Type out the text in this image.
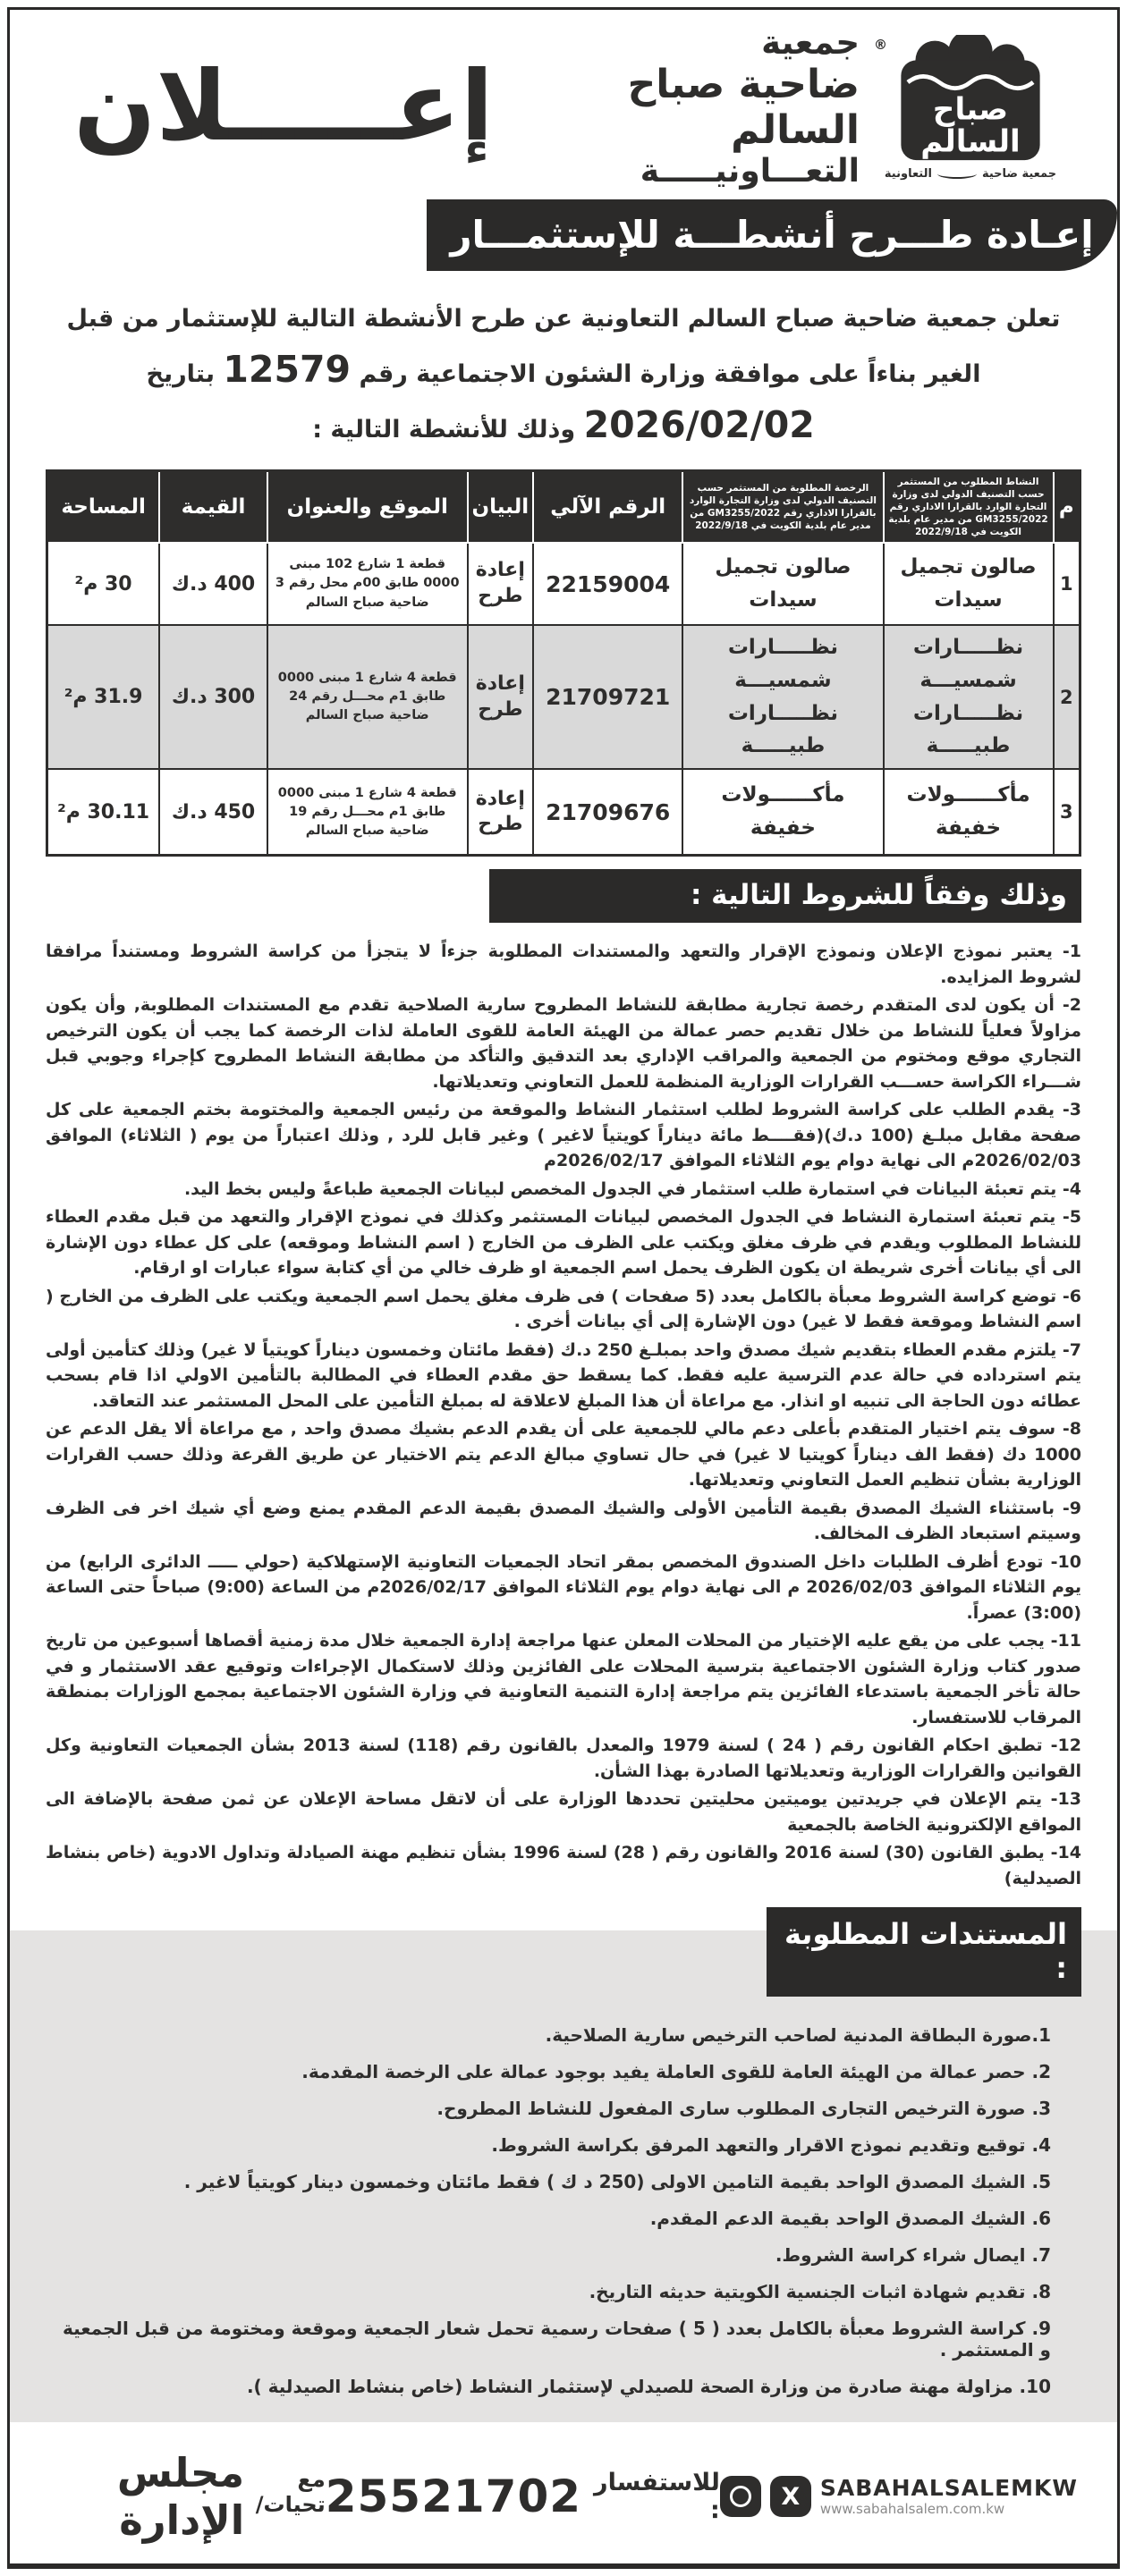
®
صباح
السالم
جمعية ضاحية
التعاونية
جمعية
ضاحية صباح السالم
التعـــاونيـــــة
إعـــــلان
إعـادة طـــرح أنشطـــة للإستثمـــار

تعلن جمعية ضاحية صباح السالم التعاونية عن طرح الأنشطة التالية للإستثمار من قبل الغير بناءاً على موافقة وزارة الشئون الاجتماعية رقم 12579 بتاريخ 2026/02/02 وذلك للأنشطة التالية :

م	النشاط المطلوب من المستثمر حسب التصنيف الدولي لدى وزارة التجارة الوارد بالقرارا الاداري رقم GM3255/2022 من مدير عام بلدية الكويت في 2022/9/18	الرخصة المطلوبة من المستثمر حسب التصنيف الدولي لدى وزارة التجارة الوارد بالقرارا الاداري رقم GM3255/2022 من مدير عام بلدية الكويت في 2022/9/18	الرقم الآلي	البيان	الموقع والعنوان	القيمة	المساحة
1	صالون تجميل سيدات	صالون تجميل سيدات	22159004	إعادة طرح	قطعة 1 شارع 102 مبنى 0000 طابق 00م محل رقم 3 ضاحية صباح السالم	400 د.ك	30 م²
2	نظـــــارات شمسيـــة نظـــــارات طبيـــــة	نظـــــارات شمسيـــة نظـــــارات طبيـــــة	21709721	إعادة طرح	قطعة 4 شارع 1 مبنى 0000 طابق 1م محـــل رقم 24 ضاحية صباح السالم	300 د.ك	31.9 م²
3	مأكــــــولات خفيفة	مأكــــــولات خفيفة	21709676	إعادة طرح	قطعة 4 شارع 1 مبنى 0000 طابق 1م محـــل رقم 19 ضاحية صباح السالم	450 د.ك	30.11 م²
وذلك وفقاً للشروط التالية :
1- يعتبر نموذج الإعلان ونموذج الإقرار والتعهد والمستندات المطلوبة جزءاً لا يتجزأ من كراسة الشروط ومستنداً مرافقا لشروط المزايده.
2- أن يكون لدى المتقدم رخصة تجارية مطابقة للنشاط المطروح سارية الصلاحية تقدم مع المستندات المطلوبة, وأن يكون مزاولاً فعلياً للنشاط من خلال تقديم حصر عمالة من الهيئة العامة للقوى العاملة لذات الرخصة كما يجب أن يكون الترخيص التجاري موقع ومختوم من الجمعية والمراقب الإداري بعد التدقيق والتأكد من مطابقة النشاط المطروح كإجراء وجوبي قبل شـــراء الكراسة حســـب القرارات الوزارية المنظمة للعمل التعاوني وتعديلاتها.
3- يقدم الطلب على كراسة الشروط لطلب استثمار النشاط والموقعة من رئيس الجمعية والمختومة بختم الجمعية على كل صفحة مقابل مبلـغ (100 د.ك)(فقــــط مائة ديناراً كويتياً لاغير ) وغير قابل للرد , وذلك اعتباراً من يوم ( الثلاثاء) الموافق 2026/02/03م الى نهاية دوام يوم الثلاثاء الموافق 2026/02/17م
4- يتم تعبئة البيانات في استمارة طلب استثمار في الجدول المخصص لبيانات الجمعية طباعةً وليس بخط اليد.
5- يتم تعبئة استمارة النشاط في الجدول المخصص لبيانات المستثمر وكذلك في نموذج الإقرار والتعهد من قبل مقدم العطاء للنشاط المطلوب ويقدم في ظرف مغلق ويكتب على الظرف من الخارج ( اسم النشاط وموقعه) على كل عطاء دون الإشارة الى أي بيانات أخرى شريطة ان يكون الظرف يحمل اسم الجمعية او ظرف خالي من أي كتابة سواء عبارات او ارقام.
6- توضع كراسة الشروط معبأة بالكامل بعدد (5 صفحات ) فى ظرف مغلق يحمل اسم الجمعية ويكتب على الظرف من الخارج ( اسم النشاط وموقعة فقط لا غير) دون الإشارة إلى أي بيانات أخرى .
7- يلتزم مقدم العطاء بتقديم شيك مصدق واحد بمبلـغ 250 د.ك (فقط مائتان وخمسون ديناراً كويتياً لا غير) وذلك كتأمين أولى يتم استرداده في حالة عدم الترسية عليه فقط. كما يسقط حق مقدم العطاء في المطالبة بالتأمين الاولي اذا قام بسحب عطائه دون الحاجة الى تنبيه او انذار. مع مراعاة أن هذا المبلغ لاعلاقة له بمبلغ التأمين على المحل المستثمر عند التعاقد.
8- سوف يتم اختيار المتقدم بأعلى دعم مالي للجمعية على أن يقدم الدعم بشيك مصدق واحد , مع مراعاة ألا يقل الدعم عن 1000 دك (فقط الف ديناراً كويتيا لا غير) في حال تساوي مبالغ الدعم يتم الاختيار عن طريق القرعة وذلك حسب القرارات الوزارية بشأن تنظيم العمل التعاوني وتعديلاتها.
9- باستثناء الشيك المصدق بقيمة التأمين الأولى والشيك المصدق بقيمة الدعم المقدم يمنع وضع أي شيك اخر فى الظرف وسيتم استبعاد الظرف المخالف.
10- تودع أظرف الطلبات داخل الصندوق المخصص بمقر اتحاد الجمعيات التعاونية الإستهلاكية (حولي ـــــ الدائرى الرابع) من يوم الثلاثاء الموافق 2026/02/03 م الى نهاية دوام يوم الثلاثاء الموافق 2026/02/17م من الساعة (9:00) صباحاً حتى الساعة (3:00) عصراً.
11- يجب على من يقع عليه الإختيار من المحلات المعلن عنها مراجعة إدارة الجمعية خلال مدة زمنية أقصاها أسبوعين من تاريخ صدور كتاب وزارة الشئون الاجتماعية بترسية المحلات على الفائزين وذلك لاستكمال الإجراءات وتوقيع عقد الاستثمار و في حالة تأخر الجمعية باستدعاء الفائزين يتم مراجعة إدارة التنمية التعاونية في وزارة الشئون الاجتماعية بمجمع الوزارات بمنطقة المرقاب للاستفسار.
12- تطبق احكام القانون رقم ( 24 ) لسنة 1979 والمعدل بالقانون رقم (118) لسنة 2013 بشأن الجمعيات التعاونية وكل القوانين والقرارات الوزارية وتعديلاتها الصادرة بهذا الشأن.
13- يتم الإعلان في جريدتين يوميتين محليتين تحددها الوزارة على أن لاتقل مساحة الإعلان عن ثمن صفحة بالإضافة الى المواقع الإلكترونية الخاصة بالجمعية
14- يطبق القانون (30) لسنة 2016 والقانون رقم ( 28) لسنة 1996 بشأن تنظيم مهنة الصيادلة وتداول الادوية (خاص بنشاط الصيدلية)
المستندات المطلوبة :
1.صورة البطاقة المدنية لصاحب الترخيص سارية الصلاحية.
2. حصر عمالة من الهيئة العامة للقوى العاملة يفيد بوجود عمالة على الرخصة المقدمة.
3. صورة الترخيص التجارى المطلوب سارى المفعول للنشاط المطروح.
4. توقيع وتقديم نموذج الاقرار والتعهد المرفق بكراسة الشروط.
5. الشيك المصدق الواحد بقيمة التامين الاولى (250 د ك ) فقط مائتان وخمسون دينار كويتياً لاغير .
6. الشيك المصدق الواحد بقيمة الدعم المقدم.
7. ايصال شراء كراسة الشروط.
8. تقديم شهادة اثبات الجنسية الكويتية حديثه التاريخ.
9. كراسة الشروط معبأة بالكامل بعدد ( 5 ) صفحات رسمية تحمل شعار الجمعية وموقعة ومختومة من قبل الجمعية و المستثمر .
10. مزاولة مهنة صادرة من وزارة الصحة للصيدلي لإستثمار النشاط (خاص بنشاط الصيدلية ).
X SABAHALSALEMKW
www.sabahalsalem.com.kw
للاستفسار :
25521702
مع تحيات/
مجلس الإدارة
